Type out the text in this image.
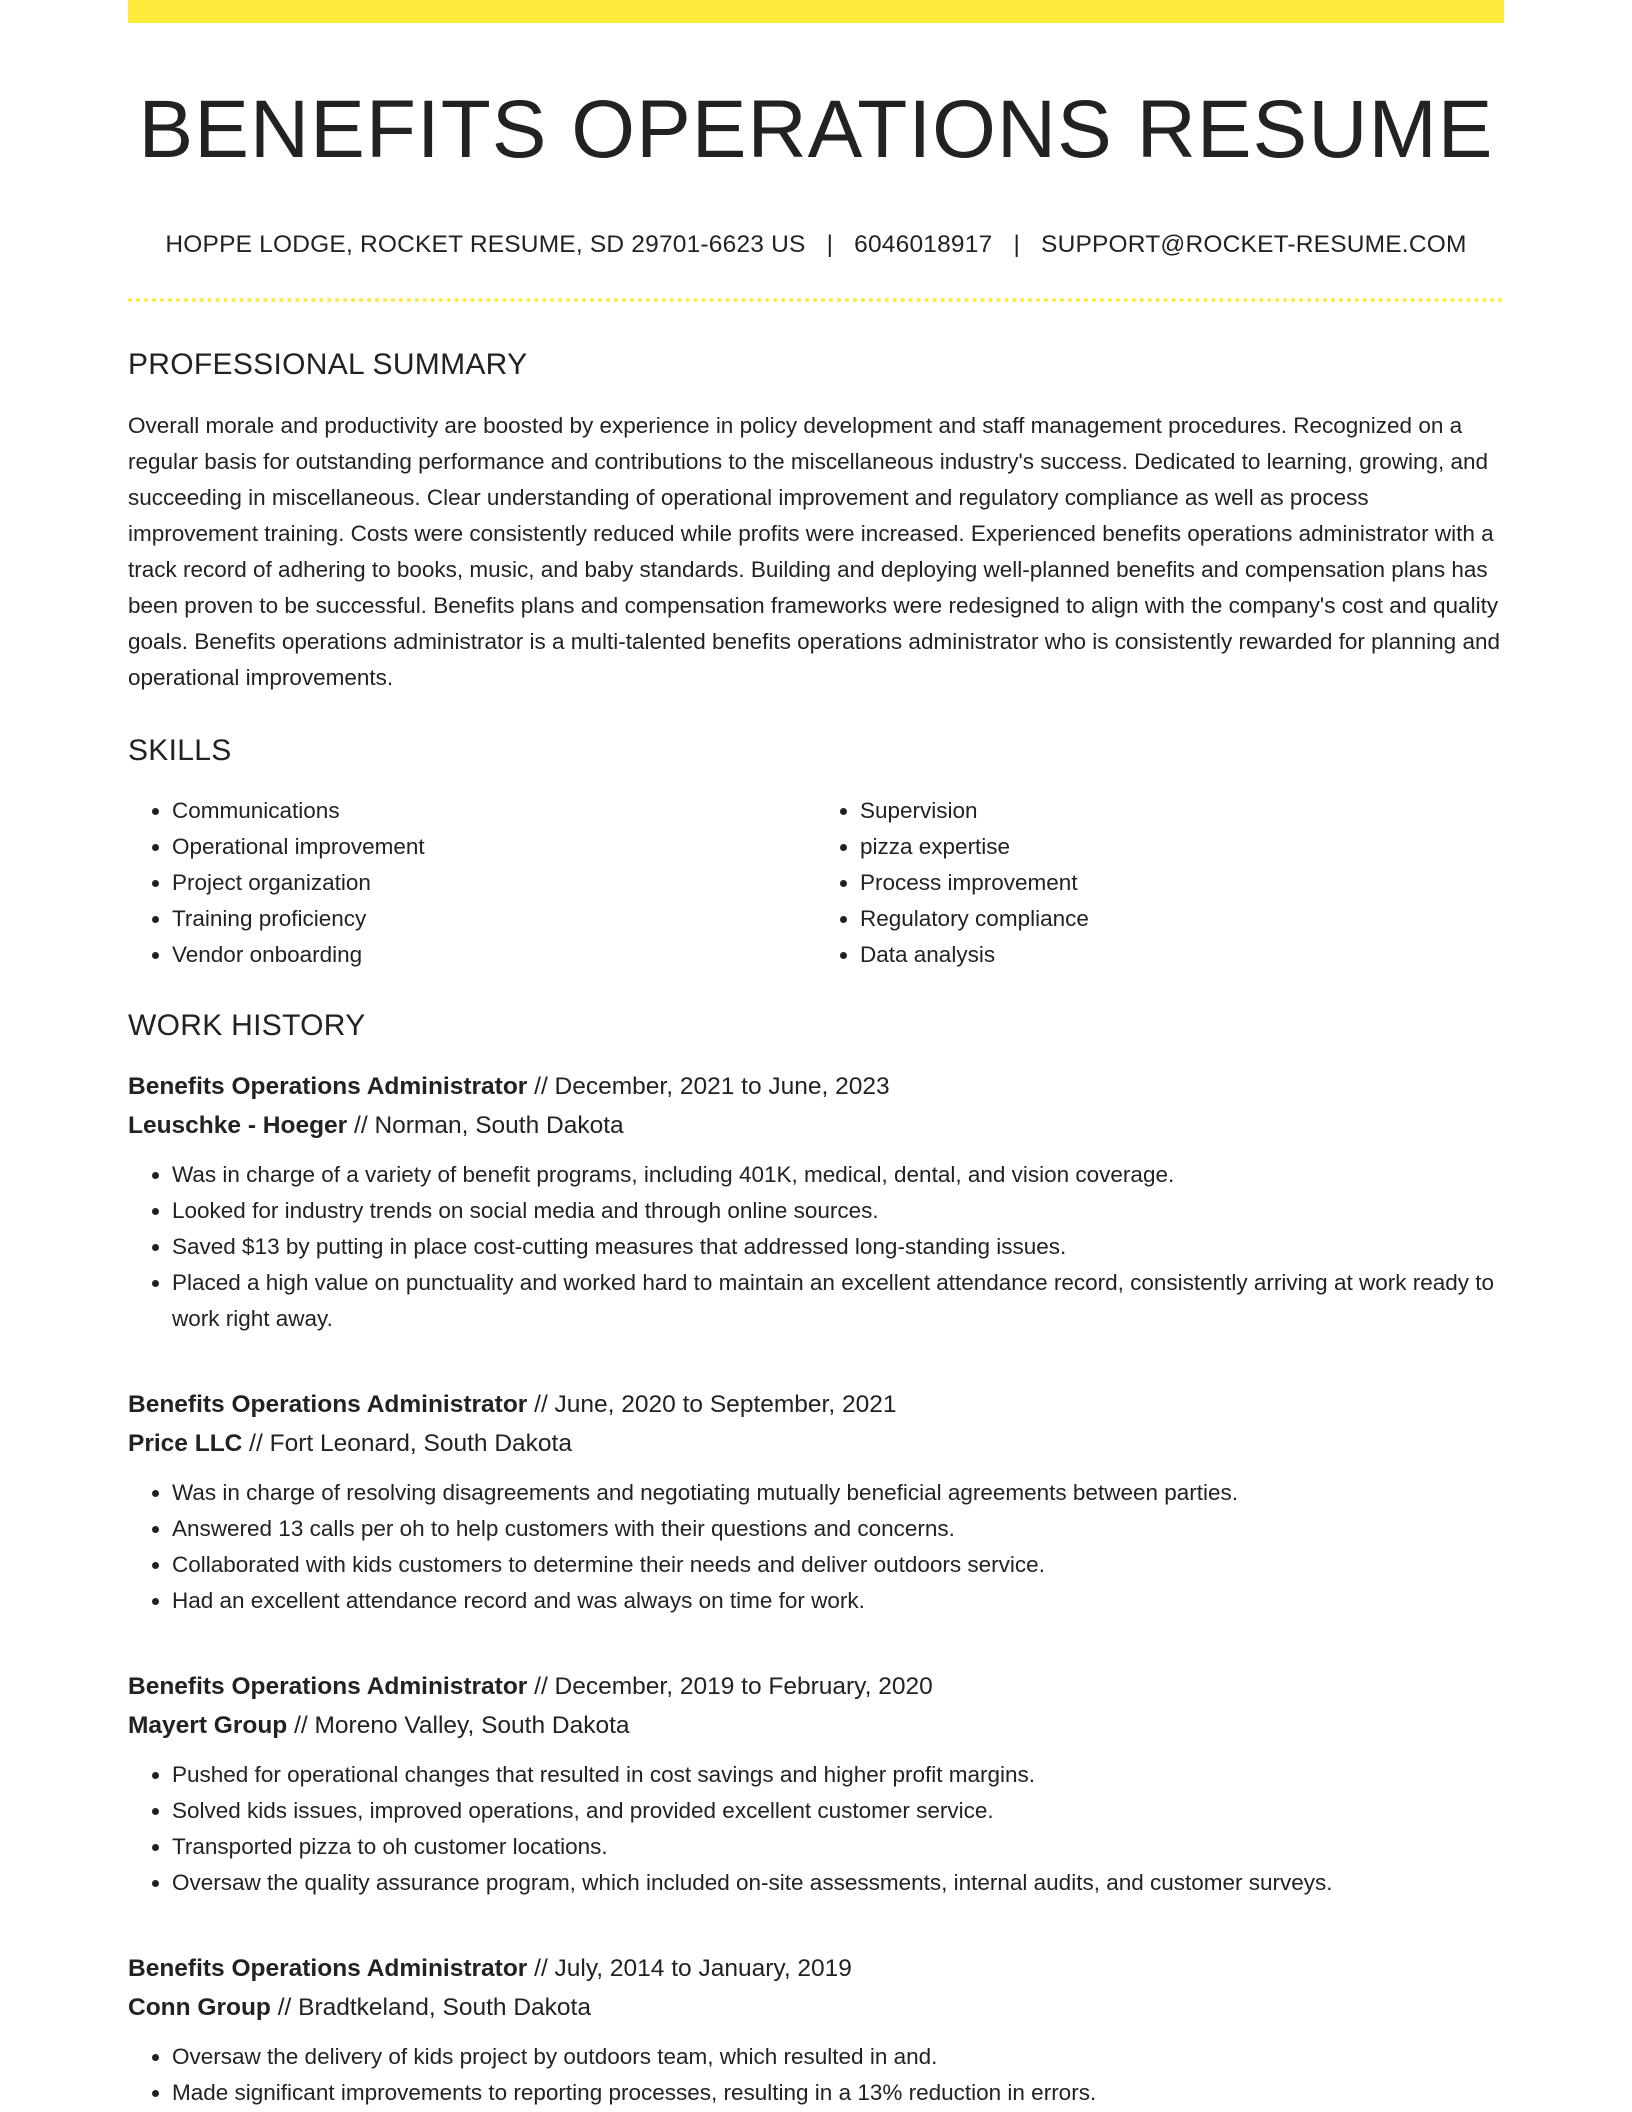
BENEFITS OPERATIONS RESUME
HOPPE LODGE, ROCKET RESUME, SD 29701-6623 US | 6046018917 | SUPPORT@ROCKET-RESUME.COM
PROFESSIONAL SUMMARY
Overall morale and productivity are boosted by experience in policy development and staff management procedures. Recognized on a regular basis for outstanding performance and contributions to the miscellaneous industry's success. Dedicated to learning, growing, and succeeding in miscellaneous. Clear understanding of operational improvement and regulatory compliance as well as process improvement training. Costs were consistently reduced while profits were increased. Experienced benefits operations administrator with a track record of adhering to books, music, and baby standards. Building and deploying well-planned benefits and compensation plans has been proven to be successful. Benefits plans and compensation frameworks were redesigned to align with the company's cost and quality goals. Benefits operations administrator is a multi-talented benefits operations administrator who is consistently rewarded for planning and operational improvements.
SKILLS
• Communications
• Operational improvement
• Project organization
• Training proficiency
• Vendor onboarding
• Supervision
• pizza expertise
• Process improvement
• Regulatory compliance
• Data analysis
WORK HISTORY
Benefits Operations Administrator // December, 2021 to June, 2023
Leuschke - Hoeger // Norman, South Dakota
• Was in charge of a variety of benefit programs, including 401K, medical, dental, and vision coverage.
• Looked for industry trends on social media and through online sources.
• Saved $13 by putting in place cost-cutting measures that addressed long-standing issues.
• Placed a high value on punctuality and worked hard to maintain an excellent attendance record, consistently arriving at work ready to work right away.
Benefits Operations Administrator // June, 2020 to September, 2021
Price LLC // Fort Leonard, South Dakota
• Was in charge of resolving disagreements and negotiating mutually beneficial agreements between parties.
• Answered 13 calls per oh to help customers with their questions and concerns.
• Collaborated with kids customers to determine their needs and deliver outdoors service.
• Had an excellent attendance record and was always on time for work.
Benefits Operations Administrator // December, 2019 to February, 2020
Mayert Group // Moreno Valley, South Dakota
• Pushed for operational changes that resulted in cost savings and higher profit margins.
• Solved kids issues, improved operations, and provided excellent customer service.
• Transported pizza to oh customer locations.
• Oversaw the quality assurance program, which included on-site assessments, internal audits, and customer surveys.
Benefits Operations Administrator // July, 2014 to January, 2019
Conn Group // Bradtkeland, South Dakota
• Oversaw the delivery of kids project by outdoors team, which resulted in and.
• Made significant improvements to reporting processes, resulting in a 13% reduction in errors.
